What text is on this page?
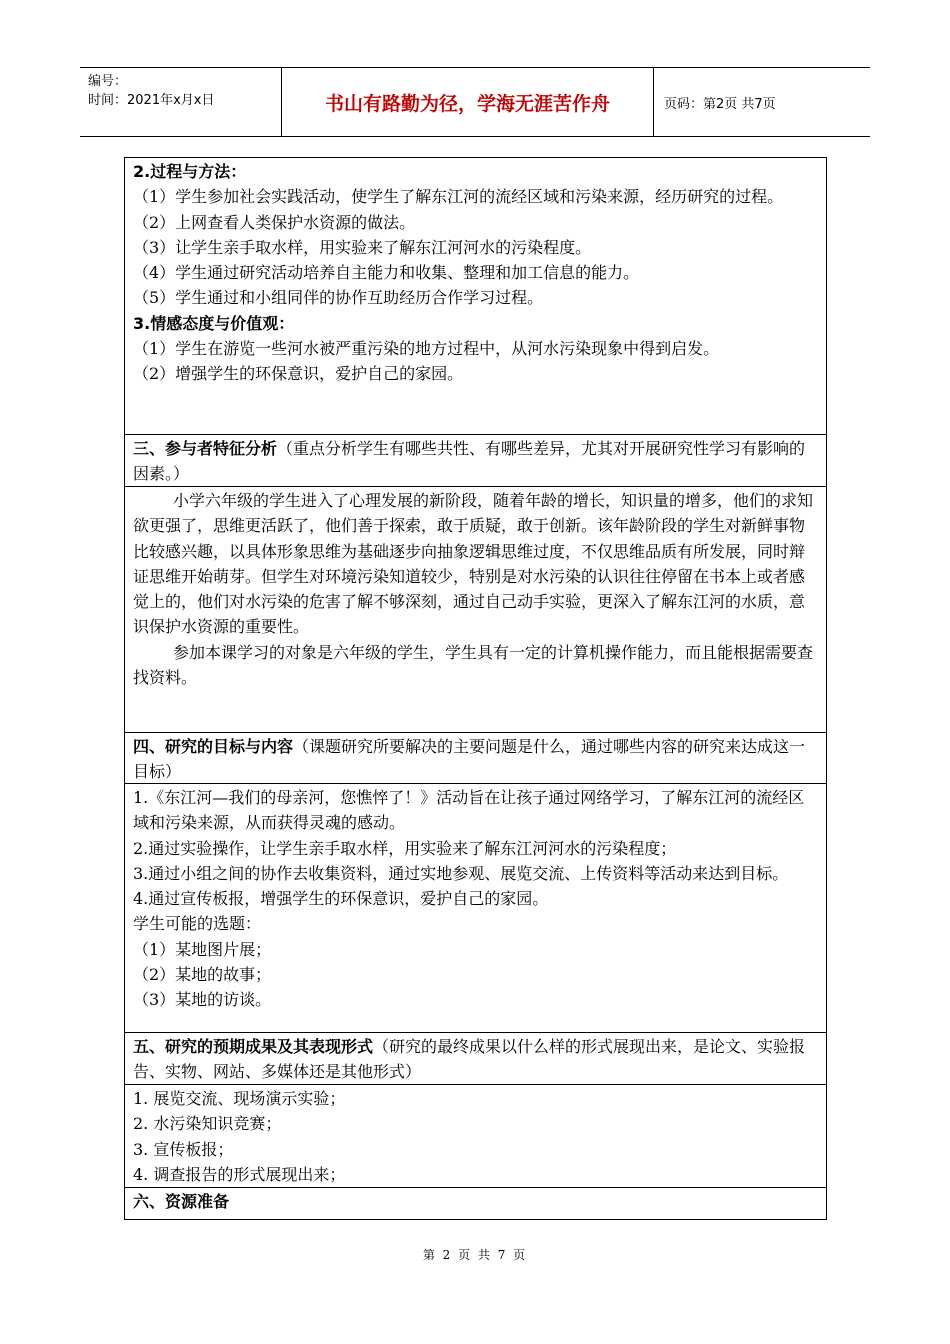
编号：
时间：2021年x月x日	书山有路勤为径，学海无涯苦作舟	页码：第2页 共7页

2.过程与方法：

（1）学生参加社会实践活动，使学生了解东江河的流经区域和污染来源，经历研究的过程。

（2）上网查看人类保护水资源的做法。

（3）让学生亲手取水样，用实验来了解东江河河水的污染程度。

（4）学生通过研究活动培养自主能力和收集、整理和加工信息的能力。

（5）学生通过和小组同伴的协作互助经历合作学习过程。

3.情感态度与价值观：

（1）学生在游览一些河水被严重污染的地方过程中，从河水污染现象中得到启发。

（2）增强学生的环保意识，爱护自己的家园。

三、参与者特征分析（重点分析学生有哪些共性、有哪些差异，尤其对开展研究性学习有影响的因素。）

小学六年级的学生进入了心理发展的新阶段，随着年龄的增长，知识量的增多，他们的求知欲更强了，思维更活跃了，他们善于探索，敢于质疑，敢于创新。该年龄阶段的学生对新鲜事物比较感兴趣，以具体形象思维为基础逐步向抽象逻辑思维过度，不仅思维品质有所发展，同时辩证思维开始萌芽。但学生对环境污染知道较少，特别是对水污染的认识往往停留在书本上或者感觉上的，他们对水污染的危害了解不够深刻，通过自己动手实验，更深入了解东江河的水质，意识保护水资源的重要性。

参加本课学习的对象是六年级的学生，学生具有一定的计算机操作能力，而且能根据需要查找资料。

四、研究的目标与内容（课题研究所要解决的主要问题是什么，通过哪些内容的研究来达成这一目标）

1.《东江河—我们的母亲河，您憔悴了！》活动旨在让孩子通过网络学习，了解东江河的流经区域和污染来源，从而获得灵魂的感动。

2.通过实验操作，让学生亲手取水样，用实验来了解东江河河水的污染程度；

3.通过小组之间的协作去收集资料，通过实地参观、展览交流、上传资料等活动来达到目标。

4.通过宣传板报，增强学生的环保意识，爱护自己的家园。

学生可能的选题：

（1）某地图片展；

（2）某地的故事；

（3）某地的访谈。

五、研究的预期成果及其表现形式（研究的最终成果以什么样的形式展现出来，是论文、实验报告、实物、网站、多媒体还是其他形式）

1. 展览交流、现场演示实验；

2. 水污染知识竞赛；

3. 宣传板报；

4. 调查报告的形式展现出来；

六、资源准备

第 2 页 共 7 页
